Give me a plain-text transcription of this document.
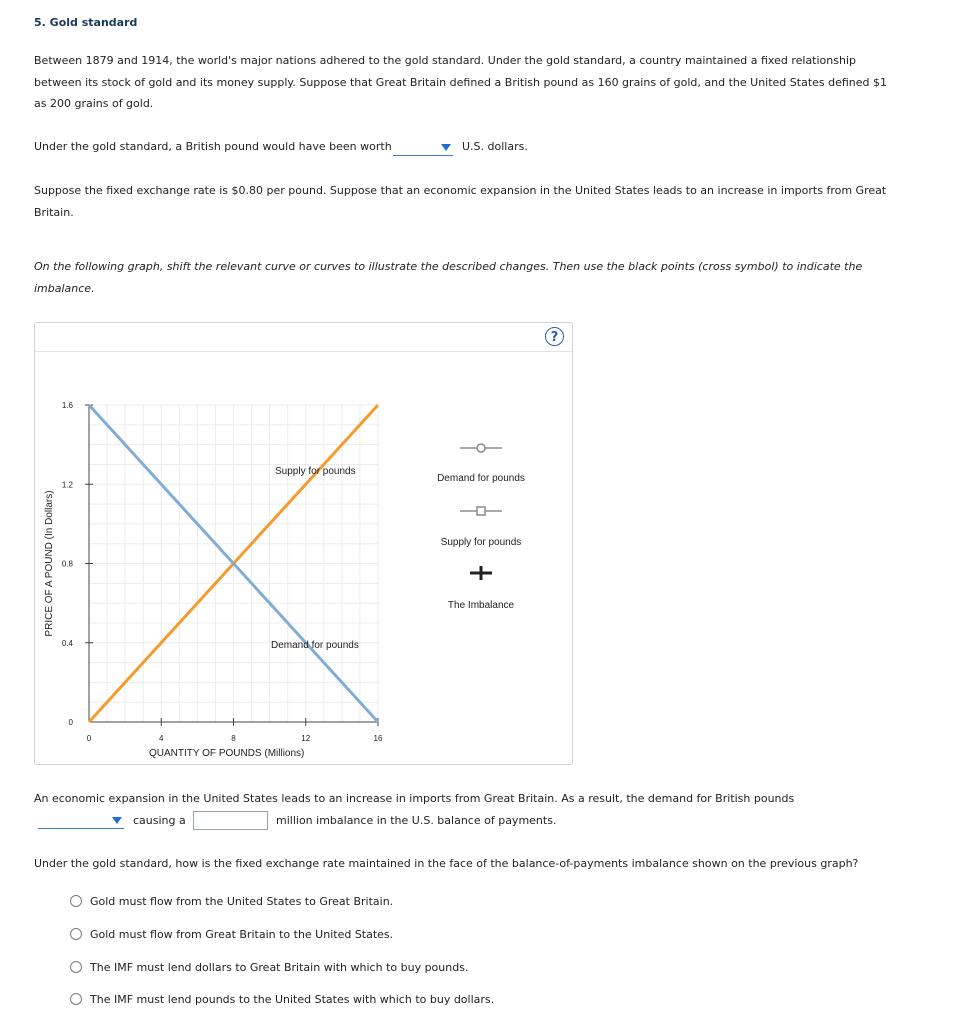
5. Gold standard
Between 1879 and 1914, the world's major nations adhered to the gold standard. Under the gold standard, a country maintained a fixed relationship between its stock of gold and its money supply. Suppose that Great Britain defined a British pound as 160 grains of gold, and the United States defined $1 as 200 grains of gold.
Under the gold standard, a British pound would have been worth	U.S. dollars.
Suppose the fixed exchange rate is $0.80 per pound. Suppose that an economic expansion in the United States leads to an increase in imports from Great Britain.
On the following graph, shift the relevant curve or curves to illustrate the described changes. Then use the black points (cross symbol) to indicate the imbalance.
?
0	4	8	12	16
0
0.4
0.8
1.2
1.6
QUANTITY OF POUNDS (Millions)
PRICE OF A POUND (In Dollars)
Supply for pounds
Demand for pounds
Demand for pounds
Supply for pounds
The Imbalance
An economic expansion in the United States leads to an increase in imports from Great Britain. As a result, the demand for British pounds
causing a	million imbalance in the U.S. balance of payments.
Under the gold standard, how is the fixed exchange rate maintained in the face of the balance-of-payments imbalance shown on the previous graph?
Gold must flow from the United States to Great Britain.
Gold must flow from Great Britain to the United States.
The IMF must lend dollars to Great Britain with which to buy pounds.
The IMF must lend pounds to the United States with which to buy dollars.
